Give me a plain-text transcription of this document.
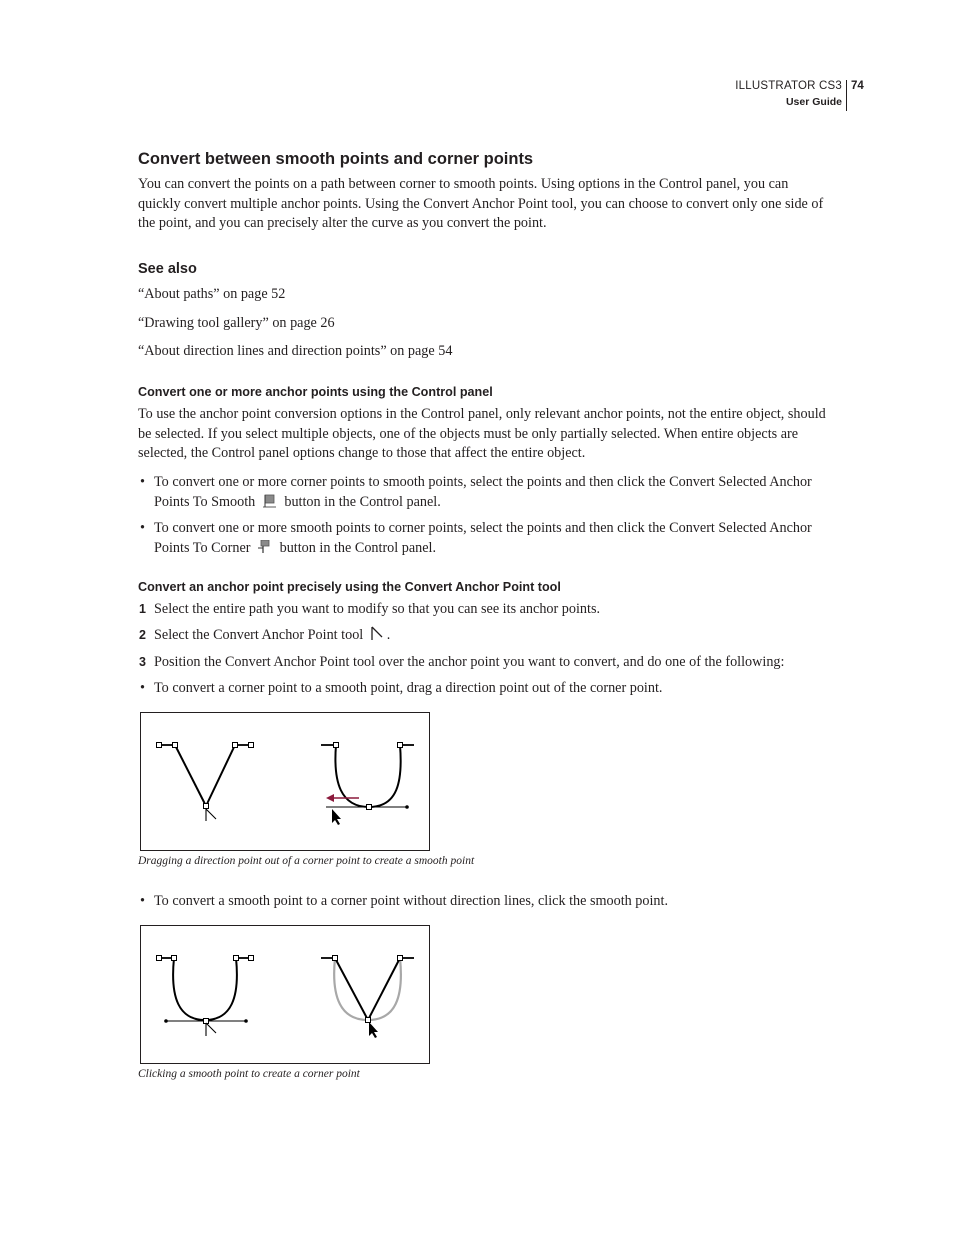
ILLUSTRATOR CS3
User Guide
74
Convert between smooth points and corner points

You can convert the points on a path between corner to smooth points. Using options in the Control panel, you can quickly convert multiple anchor points. Using the Convert Anchor Point tool, you can choose to convert only one side of the point, and you can precisely alter the curve as you convert the point.

See also
“About paths” on page 52
“Drawing tool gallery” on page 26
“About direction lines and direction points” on page 54
Convert one or more anchor points using the Control panel

To use the anchor point conversion options in the Control panel, only relevant anchor points, not the entire object, should be selected. If you select multiple objects, one of the objects must be only partially selected. When entire objects are selected, the Control panel options change to those that affect the entire object.

• To convert one or more corner points to smooth points, select the points and then click the Convert Selected Anchor Points To Smooth button in the Control panel.
• To convert one or more smooth points to corner points, select the points and then click the Convert Selected Anchor Points To Corner button in the Control panel.
Convert an anchor point precisely using the Convert Anchor Point tool
1 Select the entire path you want to modify so that you can see its anchor points.
2 Select the Convert Anchor Point tool .
3 Position the Convert Anchor Point tool over the anchor point you want to convert, and do one of the following:
• To convert a corner point to a smooth point, drag a direction point out of the corner point.
Dragging a direction point out of a corner point to create a smooth point
• To convert a smooth point to a corner point without direction lines, click the smooth point.
Clicking a smooth point to create a corner point
